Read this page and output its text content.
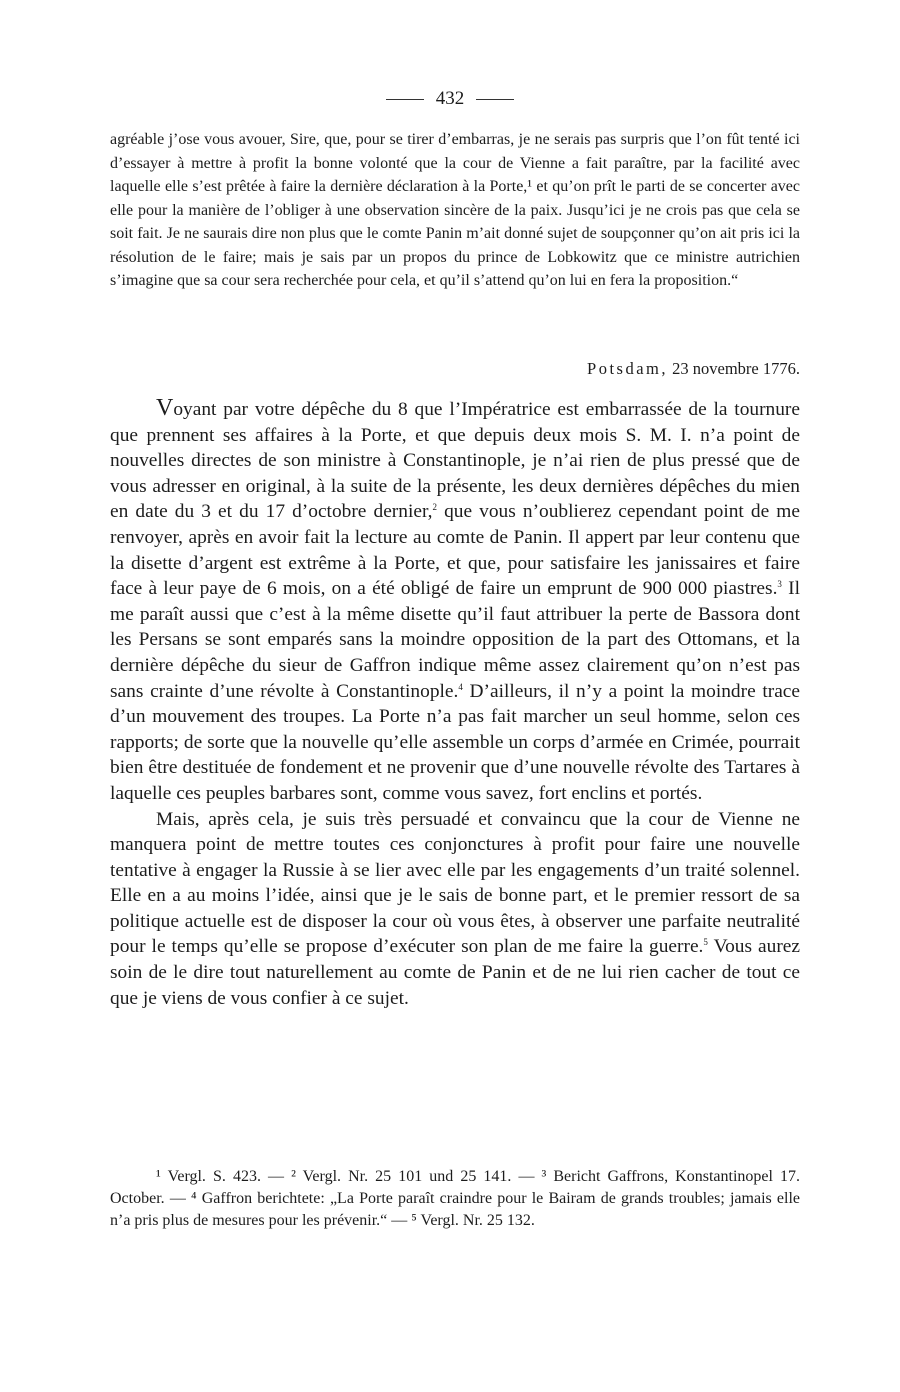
432

agréable j’ose vous avouer, Sire, que, pour se tirer d’embarras, je ne serais pas surpris que l’on fût tenté ici d’essayer à mettre à profit la bonne volonté que la cour de Vienne a fait paraître, par la facilité avec laquelle elle s’est prêtée à faire la dernière déclaration à la Porte,¹ et qu’on prît le parti de se concerter avec elle pour la manière de l’obliger à une observation sincère de la paix. Jusqu’ici je ne crois pas que cela se soit fait. Je ne saurais dire non plus que le comte Panin m’ait donné sujet de soupçonner qu’on ait pris ici la résolution de le faire; mais je sais par un propos du prince de Lobkowitz que ce ministre autrichien s’imagine que sa cour sera recherchée pour cela, et qu’il s’attend qu’on lui en fera la proposition.“

Potsdam, 23 novembre 1776.

Voyant par votre dépêche du 8 que l’Impératrice est embarrassée de la tournure que prennent ses affaires à la Porte, et que depuis deux mois S. M. I. n’a point de nouvelles directes de son ministre à Constantinople, je n’ai rien de plus pressé que de vous adresser en original, à la suite de la présente, les deux dernières dépêches du mien en date du 3 et du 17 d’octobre dernier,$^2$ que vous n’oublierez cependant point de me renvoyer, après en avoir fait la lecture au comte de Panin. Il appert par leur contenu que la disette d’argent est extrême à la Porte, et que, pour satisfaire les janissaires et faire face à leur paye de 6 mois, on a été obligé de faire un emprunt de 900 000 piastres.$^3$ Il me paraît aussi que c’est à la même disette qu’il faut attribuer la perte de Bassora dont les Persans se sont emparés sans la moindre opposition de la part des Ottomans, et la dernière dépêche du sieur de Gaffron indique même assez clairement qu’on n’est pas sans crainte d’une révolte à Constantinople.$^4$ D’ailleurs, il n’y a point la moindre trace d’un mouvement des troupes. La Porte n’a pas fait marcher un seul homme, selon ces rapports; de sorte que la nouvelle qu’elle assemble un corps d’armée en Crimée, pourrait bien être destituée de fondement et ne provenir que d’une nouvelle révolte des Tartares à laquelle ces peuples barbares sont, comme vous savez, fort enclins et portés.

Mais, après cela, je suis très persuadé et convaincu que la cour de Vienne ne manquera point de mettre toutes ces conjonctures à profit pour faire une nouvelle tentative à engager la Russie à se lier avec elle par les engagements d’un traité solennel. Elle en a au moins l’idée, ainsi que je le sais de bonne part, et le premier ressort de sa politique actuelle est de disposer la cour où vous êtes, à observer une parfaite neutralité pour le temps qu’elle se propose d’exécuter son plan de me faire la guerre.$^5$ Vous aurez soin de le dire tout naturellement au comte de Panin et de ne lui rien cacher de tout ce que je viens de vous confier à ce sujet.

¹ Vergl. S. 423. — ² Vergl. Nr. 25 101 und 25 141. — ³ Bericht Gaffrons, Konstantinopel 17. October. — ⁴ Gaffron berichtete: „La Porte paraît craindre pour le Bairam de grands troubles; jamais elle n’a pris plus de mesures pour les prévenir.“ — ⁵ Vergl. Nr. 25 132.
